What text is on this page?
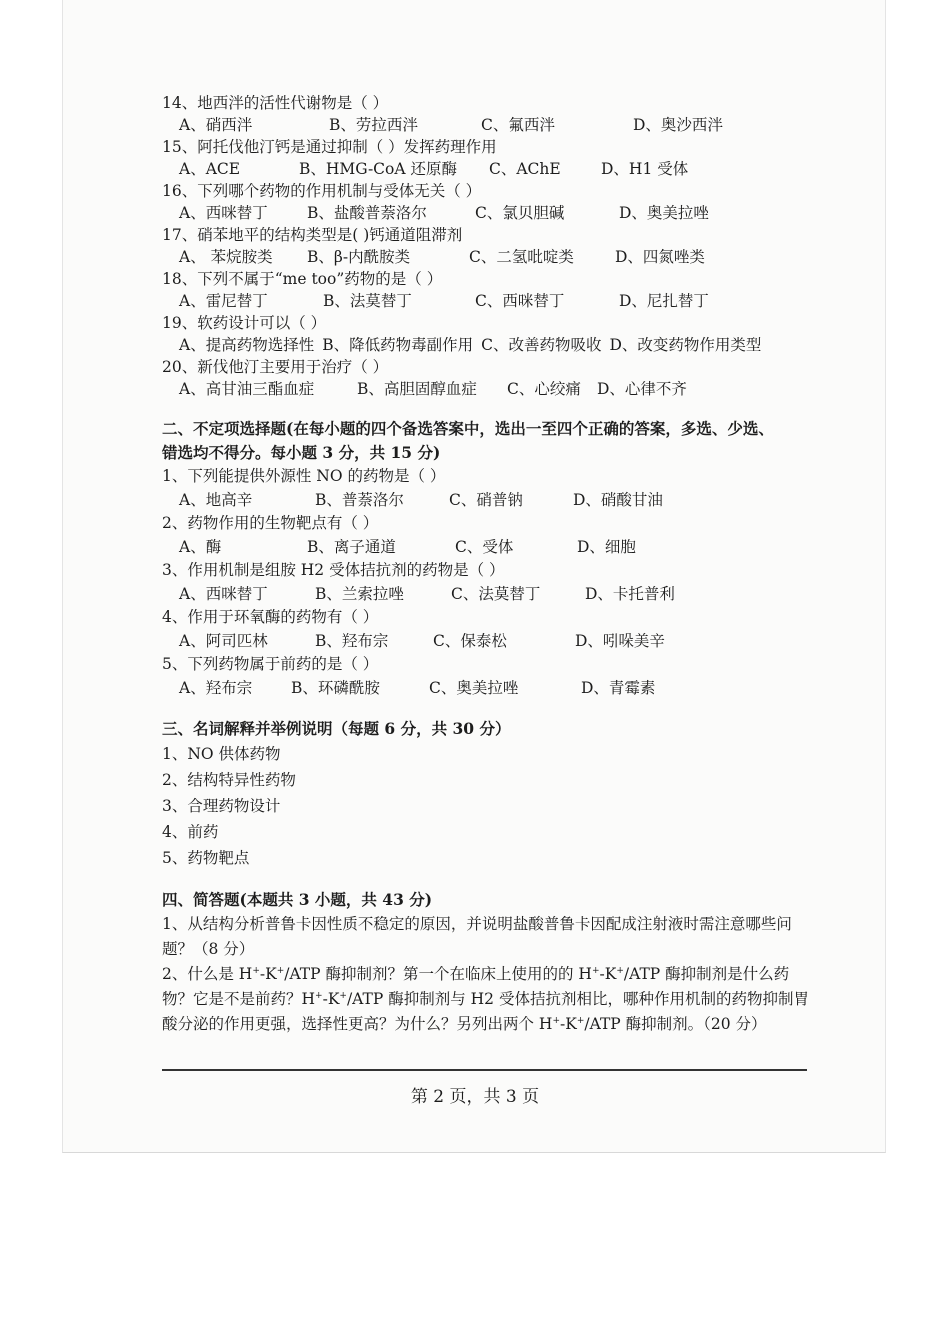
14、地西泮的活性代谢物是（ ）
A、硝西泮	B、劳拉西泮	C、氟西泮	D、奥沙西泮
15、阿托伐他汀钙是通过抑制（ ）发挥药理作用
A、ACE	B、HMG-CoA 还原酶	C、AChE	D、H1 受体
16、下列哪个药物的作用机制与受体无关（ ）
A、西咪替丁	B、盐酸普萘洛尔	C、氯贝胆碱	D、奥美拉唑
17、硝苯地平的结构类型是( )钙通道阻滞剂
A、 苯烷胺类	B、β-内酰胺类	C、二氢吡啶类	D、四氮唑类
18、下列不属于“me too”药物的是（ ）
A、雷尼替丁	B、法莫替丁	C、西咪替丁	D、尼扎替丁
19、软药设计可以（ ）
A、提高药物选择性 B、降低药物毒副作用 C、改善药物吸收 D、改变药物作用类型
20、新伐他汀主要用于治疗（ ）
A、高甘油三酯血症	B、高胆固醇血症	C、心绞痛	D、心律不齐
二、不定项选择题(在每小题的四个备选答案中，选出一至四个正确的答案，多选、少选、
错选均不得分。每小题 3 分，共 15 分)
1、下列能提供外源性 NO 的药物是（ ）
A、地高辛	B、普萘洛尔	C、硝普钠	D、硝酸甘油
2、药物作用的生物靶点有（ ）
A、酶	B、离子通道	C、受体	D、细胞
3、作用机制是组胺 H2 受体拮抗剂的药物是（ ）
A、西咪替丁	B、兰索拉唑	C、法莫替丁	D、卡托普利
4、作用于环氧酶的药物有（ ）
A、阿司匹林	B、羟布宗	C、保泰松	D、吲哚美辛
5、下列药物属于前药的是（ ）
A、羟布宗	B、环磷酰胺	C、奥美拉唑	D、青霉素
三、名词解释并举例说明（每题 6 分，共 30 分）
1、NO 供体药物
2、结构特异性药物
3、合理药物设计
4、前药
5、药物靶点
四、简答题(本题共 3 小题，共 43 分)
1、从结构分析普鲁卡因性质不稳定的原因，并说明盐酸普鲁卡因配成注射液时需注意哪些问题？（8 分）
2、什么是 H+-K+/ATP 酶抑制剂？第一个在临床上使用的的 H+-K+/ATP 酶抑制剂是什么药物？它是不是前药？H+-K+/ATP 酶抑制剂与 H2 受体拮抗剂相比，哪种作用机制的药物抑制胃酸分泌的作用更强，选择性更高？为什么？另列出两个 H+-K+/ATP 酶抑制剂。（20 分）
第 2 页，共 3 页
